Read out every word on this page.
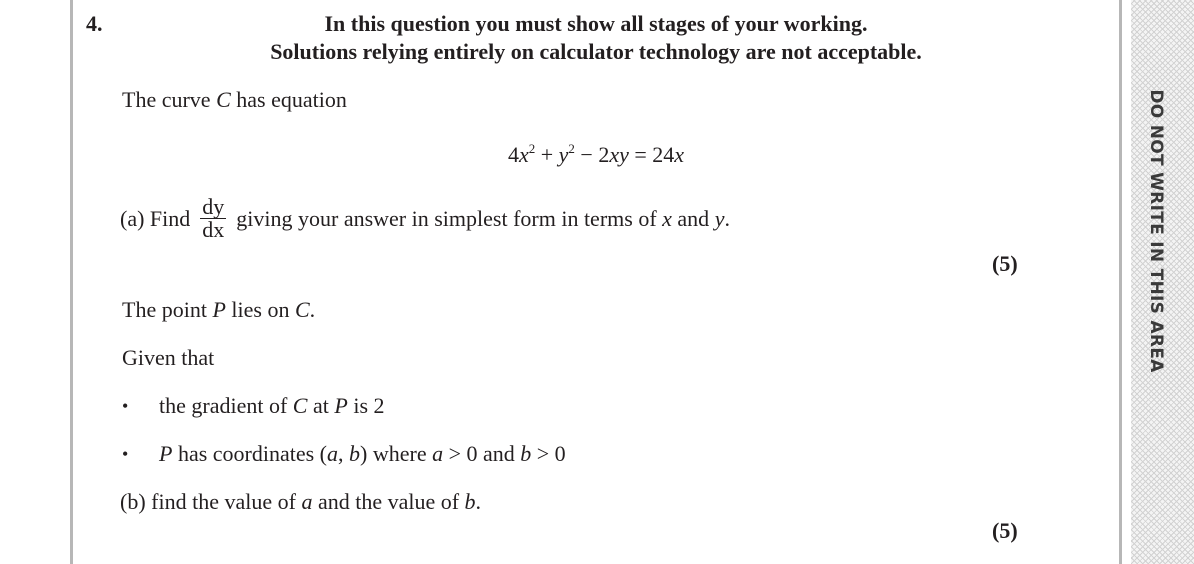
DO NOT WRITE IN THIS AREA
4.	In this question you must show all stages of your working.
Solutions relying entirely on calculator technology are not acceptable.
The curve C has equation
$4x^2 + y^2 - 2xy = 24x$
(a) Find $\frac{dy}{dx}$ giving your answer in simplest form in terms of x and y.
(5)
The point P lies on C.
Given that
• the gradient of C at P is 2
• P has coordinates (a, b) where a > 0 and b > 0
(b) find the value of a and the value of b.
(5)
